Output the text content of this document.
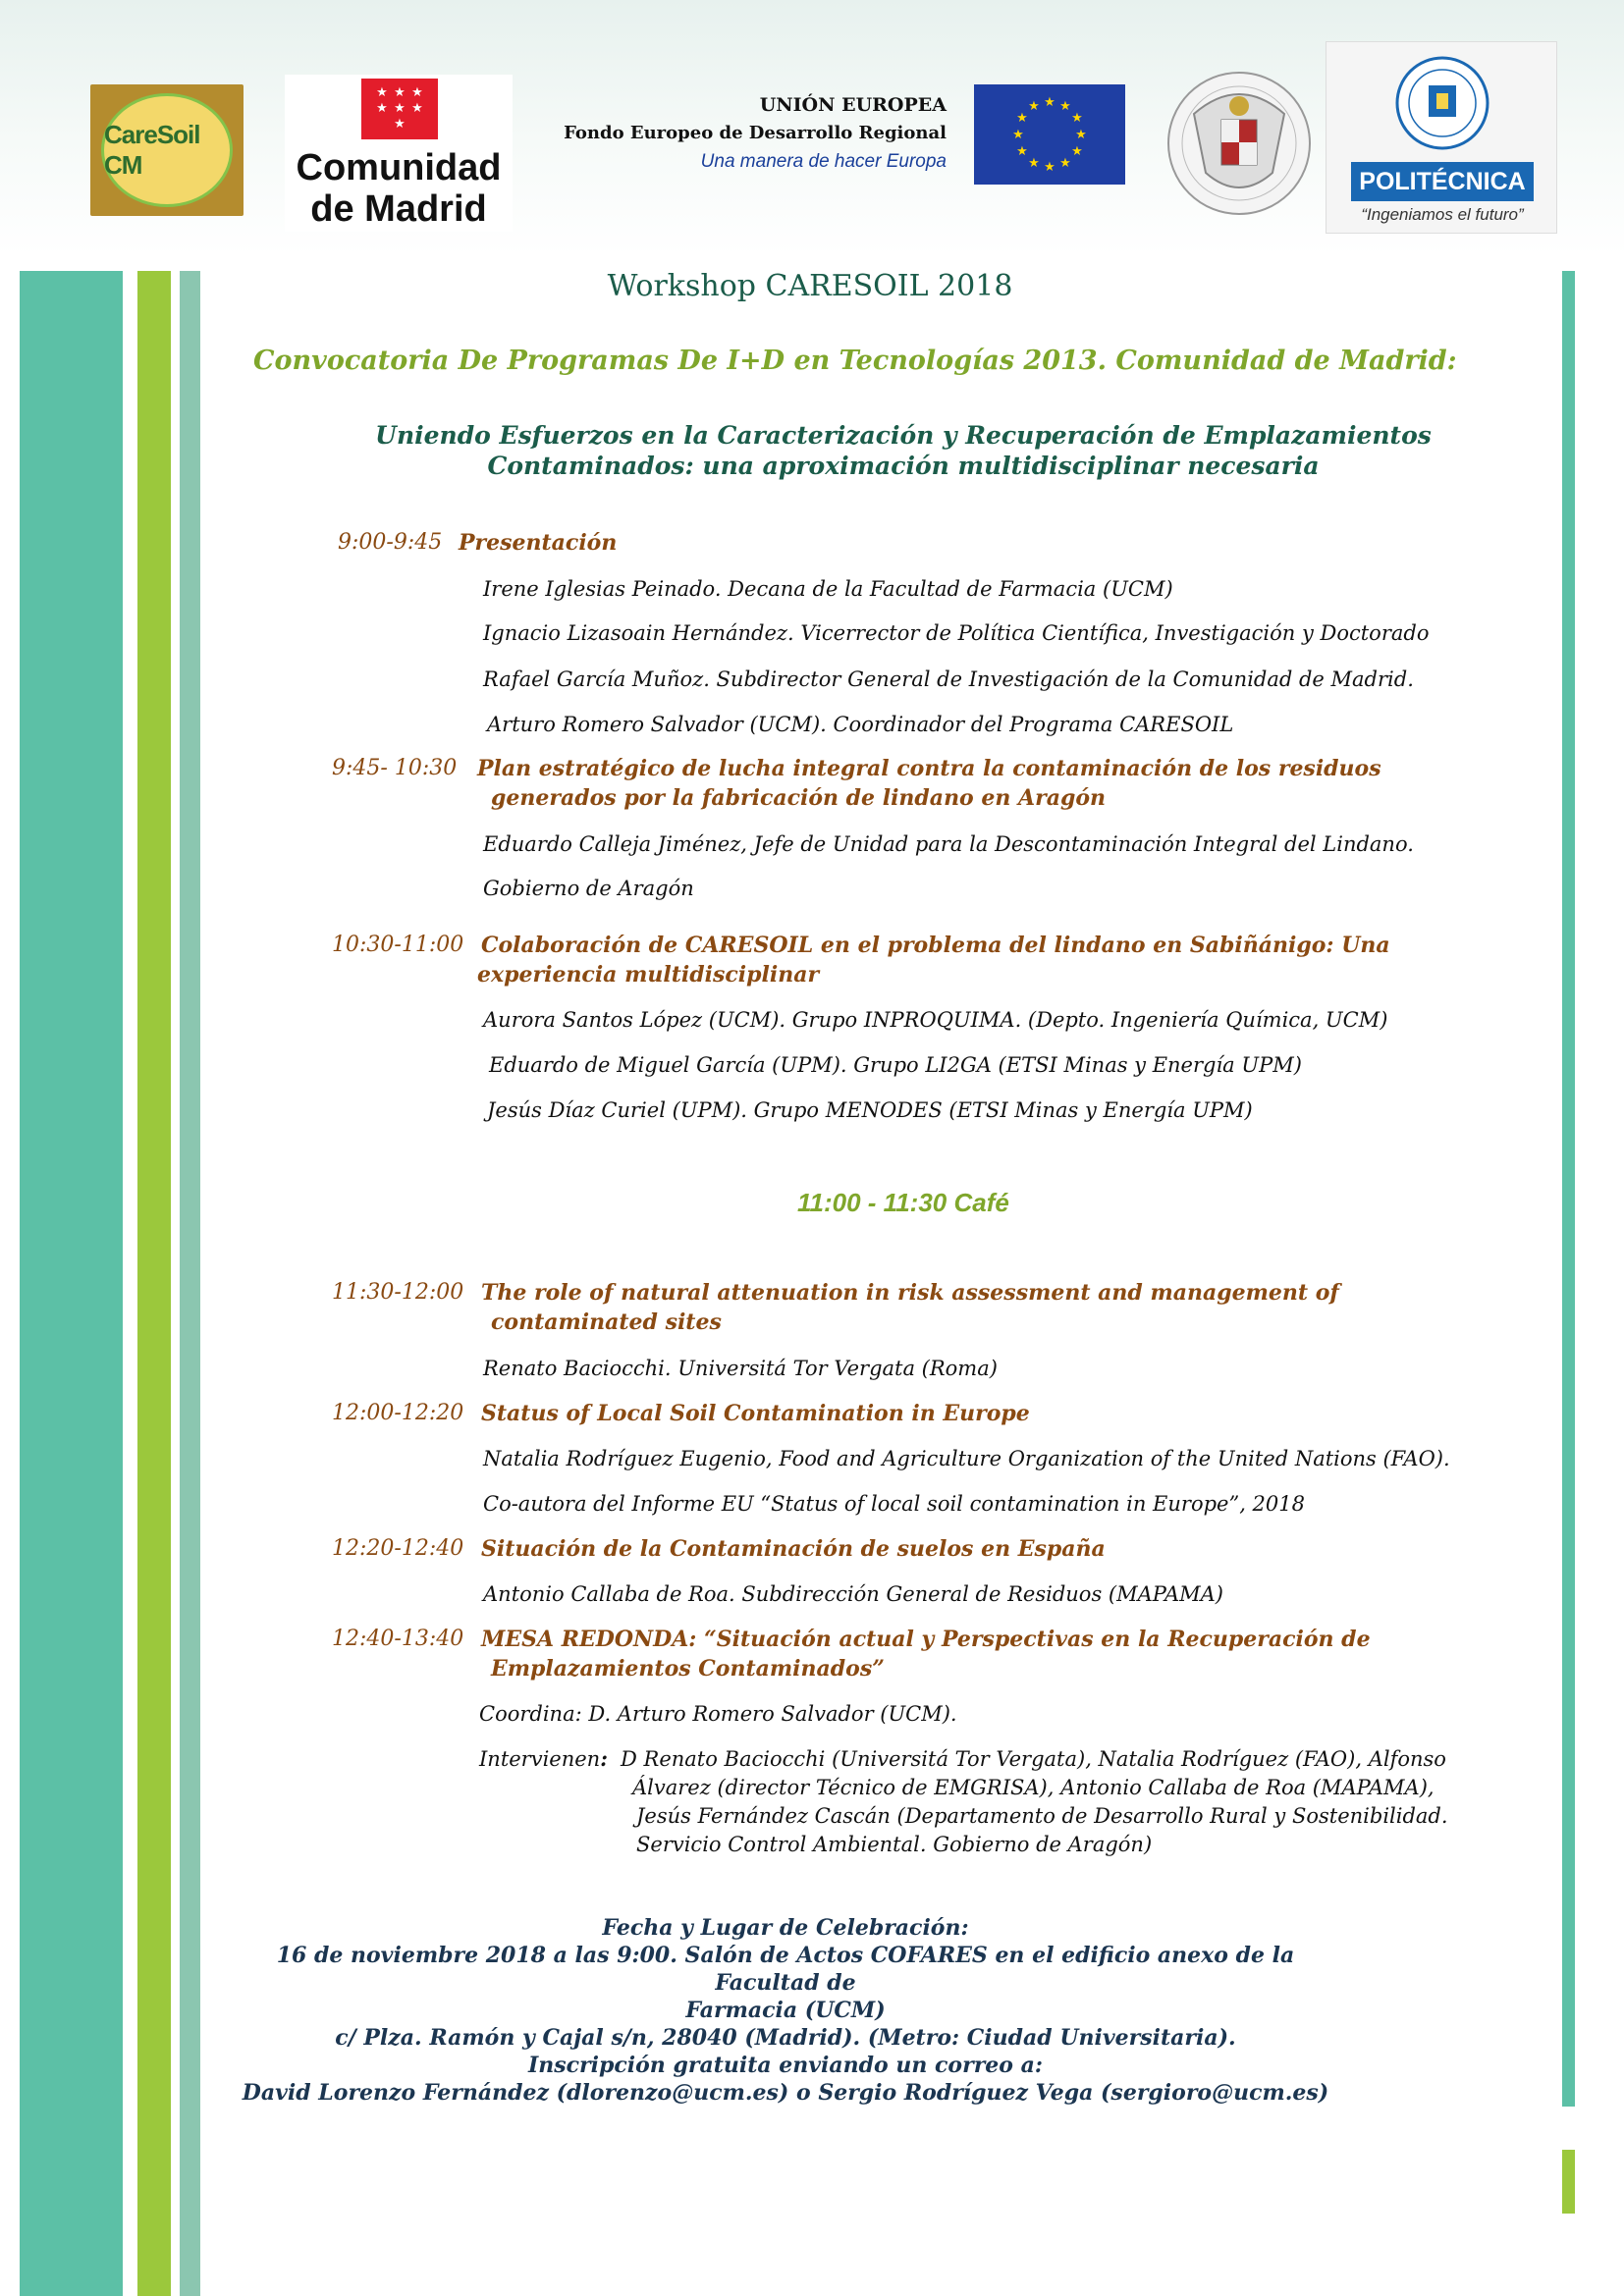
CareSoil CM
★ ★ ★
★ ★ ★
★
Comunidad
de Madrid
UNIÓN EUROPEA
Fondo Europeo de Desarrollo Regional
Una manera de hacer Europa
★ ★
★
★
★
★
★
★
★
★
★
★
POLITÉCNICA
“Ingeniamos el futuro”
Workshop CARESOIL 2018
Convocatoria De Programas De I+D en Tecnologías 2013. Comunidad de Madrid:
Uniendo Esfuerzos en la Caracterización y Recuperación de Emplazamientos
Contaminados: una aproximación multidisciplinar necesaria
9:00-9:45 Presentación
Irene Iglesias Peinado. Decana de la Facultad de Farmacia (UCM)
Ignacio Lizasoain Hernández. Vicerrector de Política Científica, Investigación y Doctorado
Rafael García Muñoz. Subdirector General de Investigación de la Comunidad de Madrid.
Arturo Romero Salvador (UCM). Coordinador del Programa CARESOIL
9:45- 10:30 Plan estratégico de lucha integral contra la contaminación de los residuos
generados por la fabricación de lindano en Aragón
Eduardo Calleja Jiménez, Jefe de Unidad para la Descontaminación Integral del Lindano.
Gobierno de Aragón
10:30-11:00 Colaboración de CARESOIL en el problema del lindano en Sabiñánigo: Una
experiencia multidisciplinar
Aurora Santos López (UCM). Grupo INPROQUIMA. (Depto. Ingeniería Química, UCM)
Eduardo de Miguel García (UPM). Grupo LI2GA (ETSI Minas y Energía UPM)
Jesús Díaz Curiel (UPM). Grupo MENODES (ETSI Minas y Energía UPM)
11:00 - 11:30 Café
11:30-12:00 The role of natural attenuation in risk assessment and management of
contaminated sites
Renato Baciocchi. Universitá Tor Vergata (Roma)
12:00-12:20 Status of Local Soil Contamination in Europe
Natalia Rodríguez Eugenio, Food and Agriculture Organization of the United Nations (FAO).
Co-autora del Informe EU “Status of local soil contamination in Europe”, 2018
12:20-12:40 Situación de la Contaminación de suelos en España
Antonio Callaba de Roa. Subdirección General de Residuos (MAPAMA)
12:40-13:40 MESA REDONDA: “Situación actual y Perspectivas en la Recuperación de
Emplazamientos Contaminados”
Coordina: D. Arturo Romero Salvador (UCM).
Intervienen: D Renato Baciocchi (Universitá Tor Vergata), Natalia Rodríguez (FAO), Alfonso
Álvarez (director Técnico de EMGRISA), Antonio Callaba de Roa (MAPAMA),
Jesús Fernández Cascán (Departamento de Desarrollo Rural y Sostenibilidad.
Servicio Control Ambiental. Gobierno de Aragón)
Fecha y Lugar de Celebración:
16 de noviembre 2018 a las 9:00. Salón de Actos COFARES en el edificio anexo de la Facultad de
Farmacia (UCM)
c/ Plza. Ramón y Cajal s/n, 28040 (Madrid). (Metro: Ciudad Universitaria).
Inscripción gratuita enviando un correo a:
David Lorenzo Fernández (dlorenzo@ucm.es) o Sergio Rodríguez Vega (sergioro@ucm.es)
